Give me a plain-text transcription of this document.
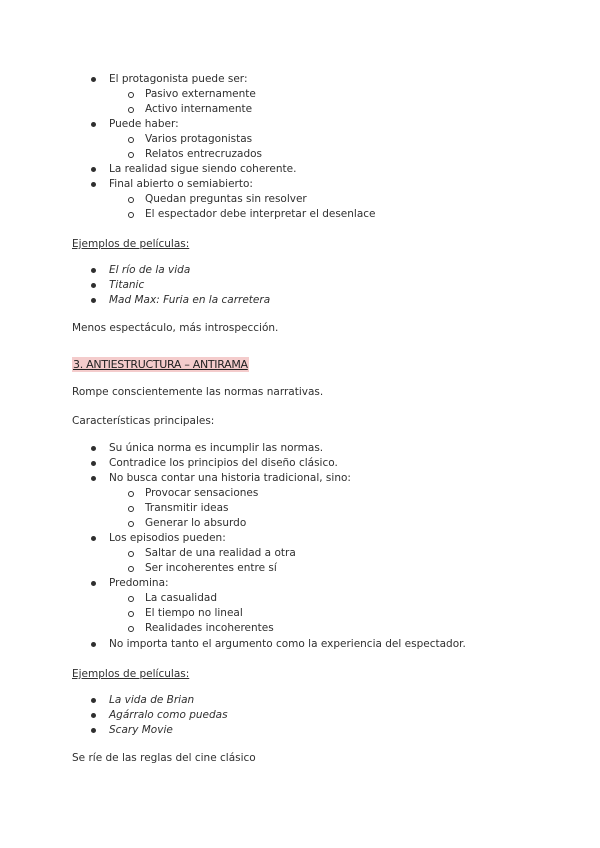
El protagonista puede ser:
Pasivo externamente
Activo internamente
Puede haber:
Varios protagonistas
Relatos entrecruzados
La realidad sigue siendo coherente.
Final abierto o semiabierto:
Quedan preguntas sin resolver
El espectador debe interpretar el desenlace
Ejemplos de películas:
El río de la vida
Titanic
Mad Max: Furia en la carretera
Menos espectáculo, más introspección.
3. ANTIESTRUCTURA – ANTIRAMA
Rompe conscientemente las normas narrativas.
Características principales:
Su única norma es incumplir las normas.
Contradice los principios del diseño clásico.
No busca contar una historia tradicional, sino:
Provocar sensaciones
Transmitir ideas
Generar lo absurdo
Los episodios pueden:
Saltar de una realidad a otra
Ser incoherentes entre sí
Predomina:
La casualidad
El tiempo no lineal
Realidades incoherentes
No importa tanto el argumento como la experiencia del espectador.
Ejemplos de películas:
La vida de Brian
Agárralo como puedas
Scary Movie
Se ríe de las reglas del cine clásico
